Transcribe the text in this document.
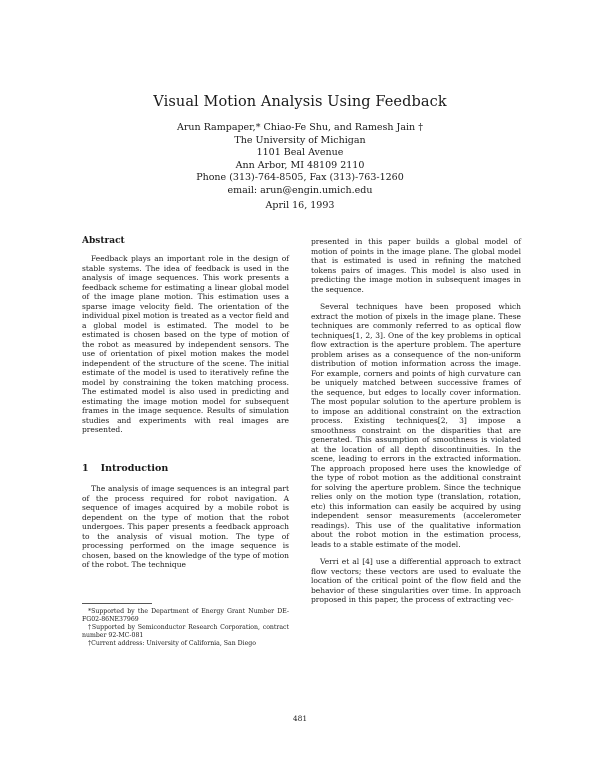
Visual Motion Analysis Using Feedback
Arun Rampaper,* Chiao-Fe Shu, and Ramesh Jain †
The University of Michigan
1101 Beal Avenue
Ann Arbor, MI 48109 2110
Phone (313)-764-8505, Fax (313)-763-1260
email: arun@engin.umich.edu
April 16, 1993
Abstract

Feedback plays an important role in the design of stable systems. The idea of feedback is used in the analysis of image sequences. This work presents a feedback scheme for estimating a linear global model of the image plane motion. This estimation uses a sparse image velocity field. The orientation of the individual pixel motion is treated as a vector field and a global model is estimated. The model to be estimated is chosen based on the type of motion of the robot as measured by independent sensors. The use of orientation of pixel motion makes the model independent of the structure of the scene. The initial estimate of the model is used to iteratively refine the model by constraining the token matching process. The estimated model is also used in predicting and estimating the image motion model for subsequent frames in the image sequence. Results of simulation studies and experiments with real images are presented.

1 Introduction

The analysis of image sequences is an integral part of the process required for robot navigation. A sequence of images acquired by a mobile robot is dependent on the type of motion that the robot undergoes. This paper presents a feedback approach to the analysis of visual motion. The type of processing performed on the image sequence is chosen, based on the knowledge of the type of motion of the robot. The technique

*Supported by the Department of Energy Grant Number DE-FG02-86NE37969

†Supported by Semiconductor Research Corporation, contract number 92-MC-081

†Current address: University of California, San Diego

presented in this paper builds a global model of motion of points in the image plane. The global model that is estimated is used in refining the matched tokens pairs of images. This model is also used in predicting the image motion in subsequent images in the sequence.

Several techniques have been proposed which extract the motion of pixels in the image plane. These techniques are commonly referred to as optical flow techniques[1, 2, 3]. One of the key problems in optical flow extraction is the aperture problem. The aperture problem arises as a consequence of the non-uniform distribution of motion information across the image. For example, corners and points of high curvature can be uniquely matched between successive frames of the sequence, but edges to locally cover information. The most popular solution to the aperture problem is to impose an additional constraint on the extraction process. Existing techniques[2, 3] impose a smoothness constraint on the disparities that are generated. This assumption of smoothness is violated at the location of all depth discontinuities. In the scene, leading to errors in the extracted information. The approach proposed here uses the knowledge of the type of robot motion as the additional constraint for solving the aperture problem. Since the technique relies only on the motion type (translation, rotation, etc) this information can easily be acquired by using independent sensor measurements (accelerometer readings). This use of the qualitative information about the robot motion in the estimation process, leads to a stable estimate of the model.

Verri et al [4] use a differential approach to extract flow vectors; these vectors are used to evaluate the location of the critical point of the flow field and the behavior of these singularities over time. In approach proposed in this paper, the process of extracting vec-

481
